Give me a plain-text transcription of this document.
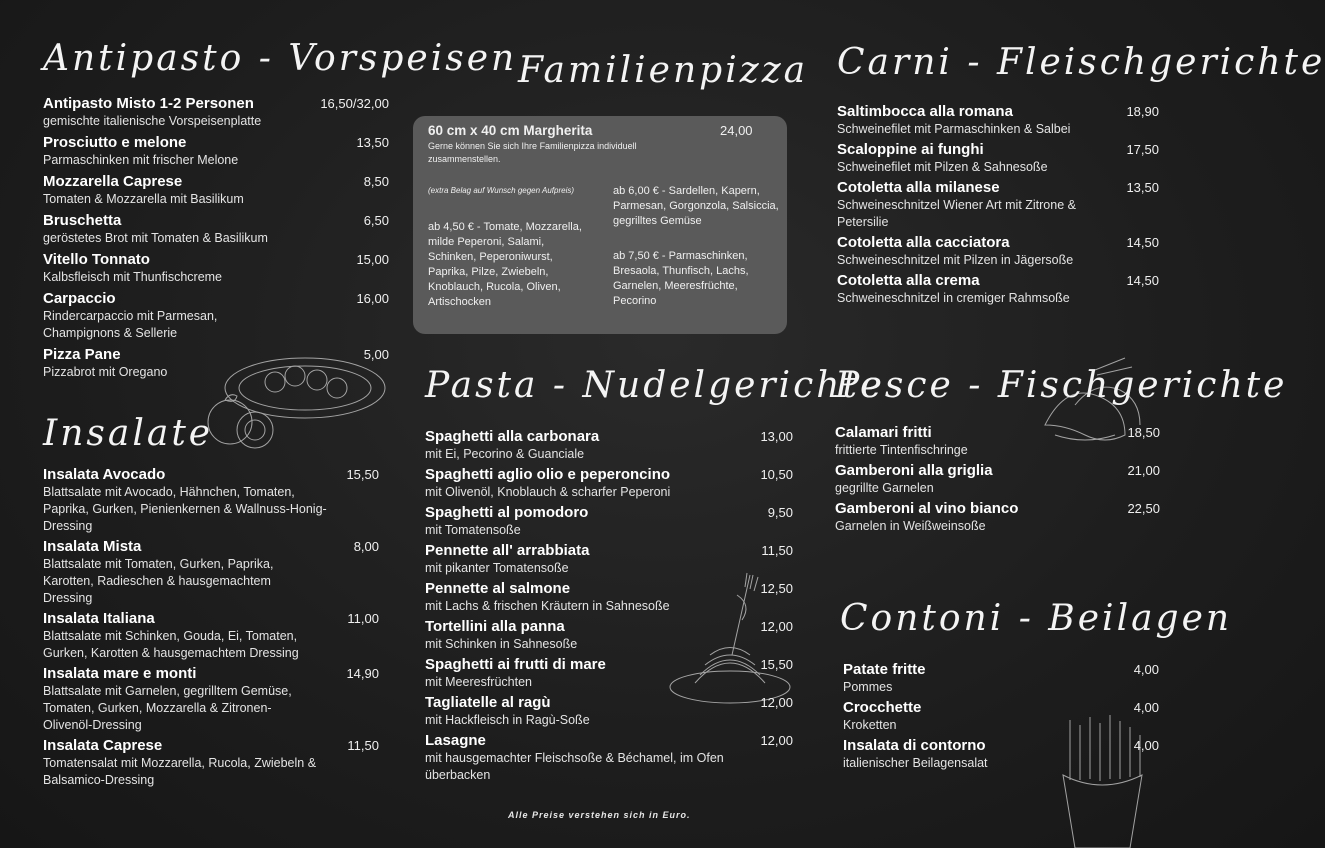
Antipasto - Vorspeisen
Antipasto Misto 1-2 Personen
gemischte italienische Vorspeisenplatte
16,50/32,00
Prosciutto e melone
Parmaschinken mit frischer Melone
13,50
Mozzarella Caprese
Tomaten & Mozzarella mit Basilikum
8,50
Bruschetta
geröstetes Brot mit Tomaten & Basilikum
6,50
Vitello Tonnato
Kalbsfleisch mit Thunfischcreme
15,00
Carpaccio
Rindercarpaccio mit Parmesan, Champignons & Sellerie
16,00
Pizza Pane
Pizzabrot mit Oregano
5,00
Insalate
Insalata Avocado
Blattsalate mit Avocado, Hähnchen, Tomaten, Paprika, Gurken, Pienienkernen & Wallnuss-Honig-Dressing
15,50
Insalata Mista
Blattsalate mit Tomaten, Gurken, Paprika, Karotten, Radieschen & hausgemachtem Dressing
8,00
Insalata Italiana
Blattsalate mit Schinken, Gouda, Ei, Tomaten, Gurken, Karotten & hausgemachtem Dressing
11,00
Insalata mare e monti
Blattsalate mit Garnelen, gegrilltem Gemüse, Tomaten, Gurken, Mozzarella & Zitronen-Olivenöl-Dressing
14,90
Insalata Caprese
Tomatensalat mit Mozzarella, Rucola, Zwiebeln & Balsamico-Dressing
11,50
Familienpizza
60 cm x 40 cm Margherita	24,00
Gerne können Sie sich Ihre Familienpizza individuell zusammenstellen.
(extra Belag auf Wunsch gegen Aufpreis)
ab 4,50 € - Tomate, Mozzarella, milde Peperoni, Salami, Schinken, Peperoniwurst, Paprika, Pilze, Zwiebeln, Knoblauch, Rucola, Oliven, Artischocken
ab 6,00 € - Sardellen, Kapern, Parmesan, Gorgonzola, Salsiccia, gegrilltes Gemüse
ab 7,50 € - Parmaschinken, Bresaola, Thunfisch, Lachs, Garnelen, Meeresfrüchte, Pecorino
Pasta - Nudelgerichte
Spaghetti alla carbonara
mit Ei, Pecorino & Guanciale
13,00
Spaghetti aglio olio e peperoncino
mit Olivenöl, Knoblauch & scharfer Peperoni
10,50
Spaghetti al pomodoro
mit Tomatensoße
9,50
Pennette all' arrabbiata
mit pikanter Tomatensoße
11,50
Pennette al salmone
mit Lachs & frischen Kräutern in Sahnesoße
12,50
Tortellini alla panna
mit Schinken in Sahnesoße
12,00
Spaghetti ai frutti di mare
mit Meeresfrüchten
15,50
Tagliatelle al ragù
mit Hackfleisch in Ragù-Soße
12,00
Lasagne
mit hausgemachter Fleischsoße & Béchamel, im Ofen überbacken
12,00
Alle Preise verstehen sich in Euro.
Carni - Fleischgerichte
Saltimbocca alla romana
Schweinefilet mit Parmaschinken & Salbei
18,90
Scaloppine ai funghi
Schweinefilet mit Pilzen & Sahnesoße
17,50
Cotoletta alla milanese
Schweineschnitzel Wiener Art mit Zitrone & Petersilie
13,50
Cotoletta alla cacciatora
Schweineschnitzel mit Pilzen in Jägersoße
14,50
Cotoletta alla crema
Schweineschnitzel in cremiger Rahmsoße
14,50
Pesce - Fischgerichte
Calamari fritti
frittierte Tintenfischringe
18,50
Gamberoni alla griglia
gegrillte Garnelen
21,00
Gamberoni al vino bianco
Garnelen in Weißweinsoße
22,50
Contoni - Beilagen
Patate fritte
Pommes
4,00
Crocchette
Kroketten
4,00
Insalata di contorno
italienischer Beilagensalat
4,00
